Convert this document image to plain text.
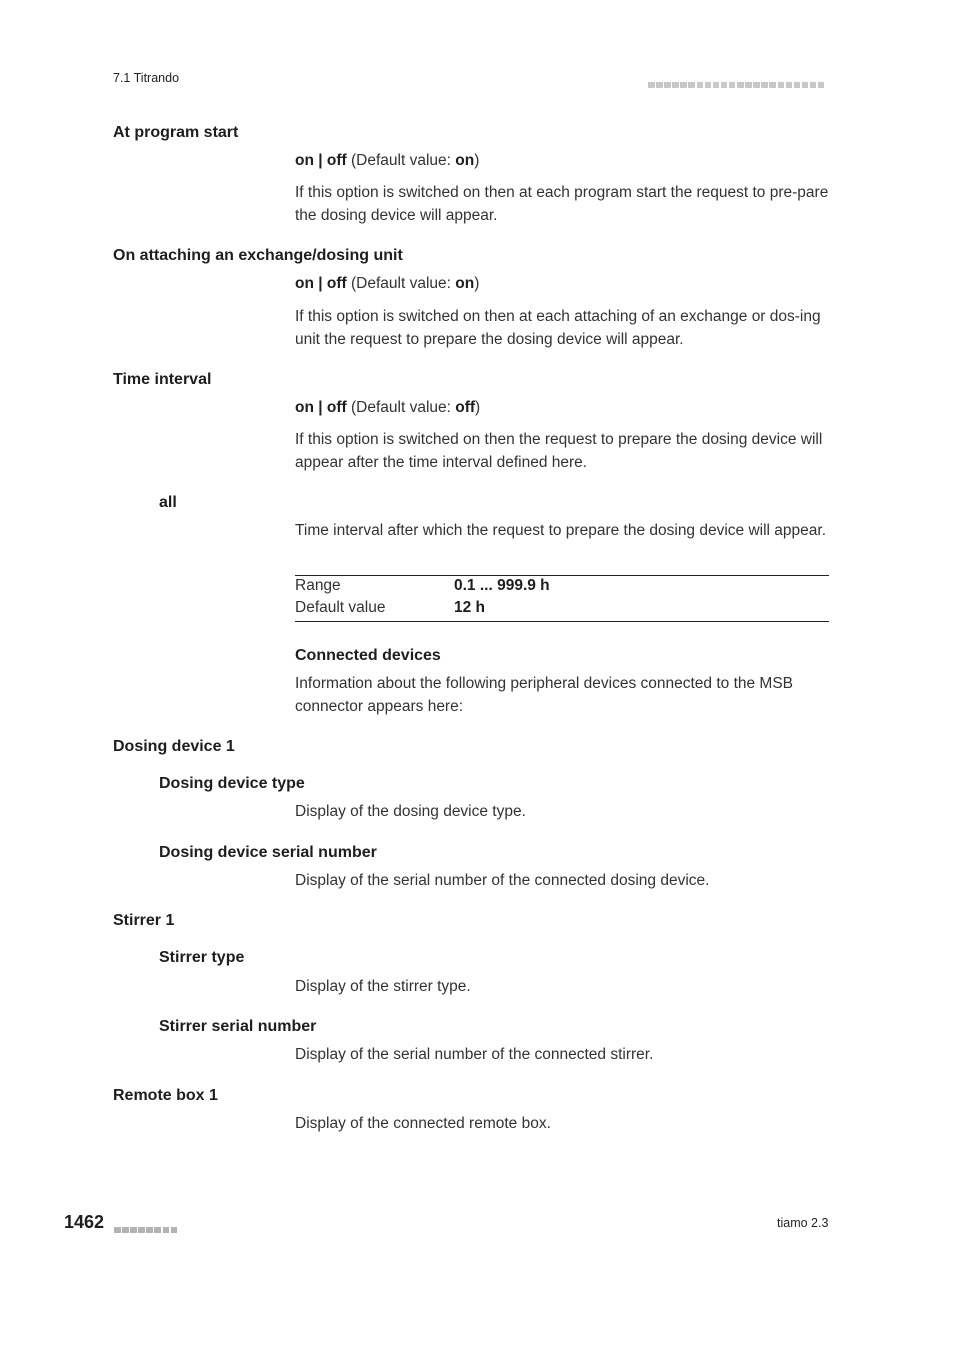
7.1 Titrando
At program start
on | off (Default value: on)
If this option is switched on then at each program start the request to pre-pare the dosing device will appear.
On attaching an exchange/dosing unit
on | off (Default value: on)
If this option is switched on then at each attaching of an exchange or dos-ing unit the request to prepare the dosing device will appear.
Time interval
on | off (Default value: off)
If this option is switched on then the request to prepare the dosing device will appear after the time interval defined here.
all
Time interval after which the request to prepare the dosing device will appear.
Range	0.1 ... 999.9 h
Default value	12 h
Connected devices
Information about the following peripheral devices connected to the MSB connector appears here:
Dosing device 1
Dosing device type
Display of the dosing device type.
Dosing device serial number
Display of the serial number of the connected dosing device.
Stirrer 1
Stirrer type
Display of the stirrer type.
Stirrer serial number
Display of the serial number of the connected stirrer.
Remote box 1
Display of the connected remote box.
1462	tiamo 2.3
